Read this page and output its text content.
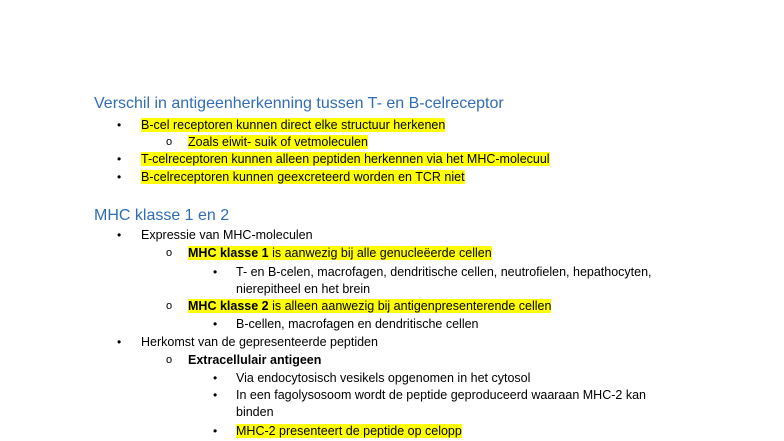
Verschil in antigeenherkenning tussen T- en B-celreceptor
• B-cel receptoren kunnen direct elke structuur herkenen
o Zoals eiwit- suik of vetmoleculen
• T-celreceptoren kunnen alleen peptiden herkennen via het MHC-molecuul
• B-celreceptoren kunnen geexcreteerd worden en TCR niet
MHC klasse 1 en 2
• Expressie van MHC-moleculen
o MHC klasse 1 is aanwezig bij alle genucleëerde cellen
• T- en B-celen, macrofagen, dendritische cellen, neutrofielen, hepathocyten,
nierepitheel en het brein
o MHC klasse 2 is alleen aanwezig bij antigenpresenterende cellen
• B-cellen, macrofagen en dendritische cellen
• Herkomst van de gepresenteerde peptiden
o Extracellulair antigeen
• Via endocytosisch vesikels opgenomen in het cytosol
• In een fagolysosoom wordt de peptide geproduceerd waaraan MHC-2 kan
binden
• MHC-2 presenteert de peptide op celopp
